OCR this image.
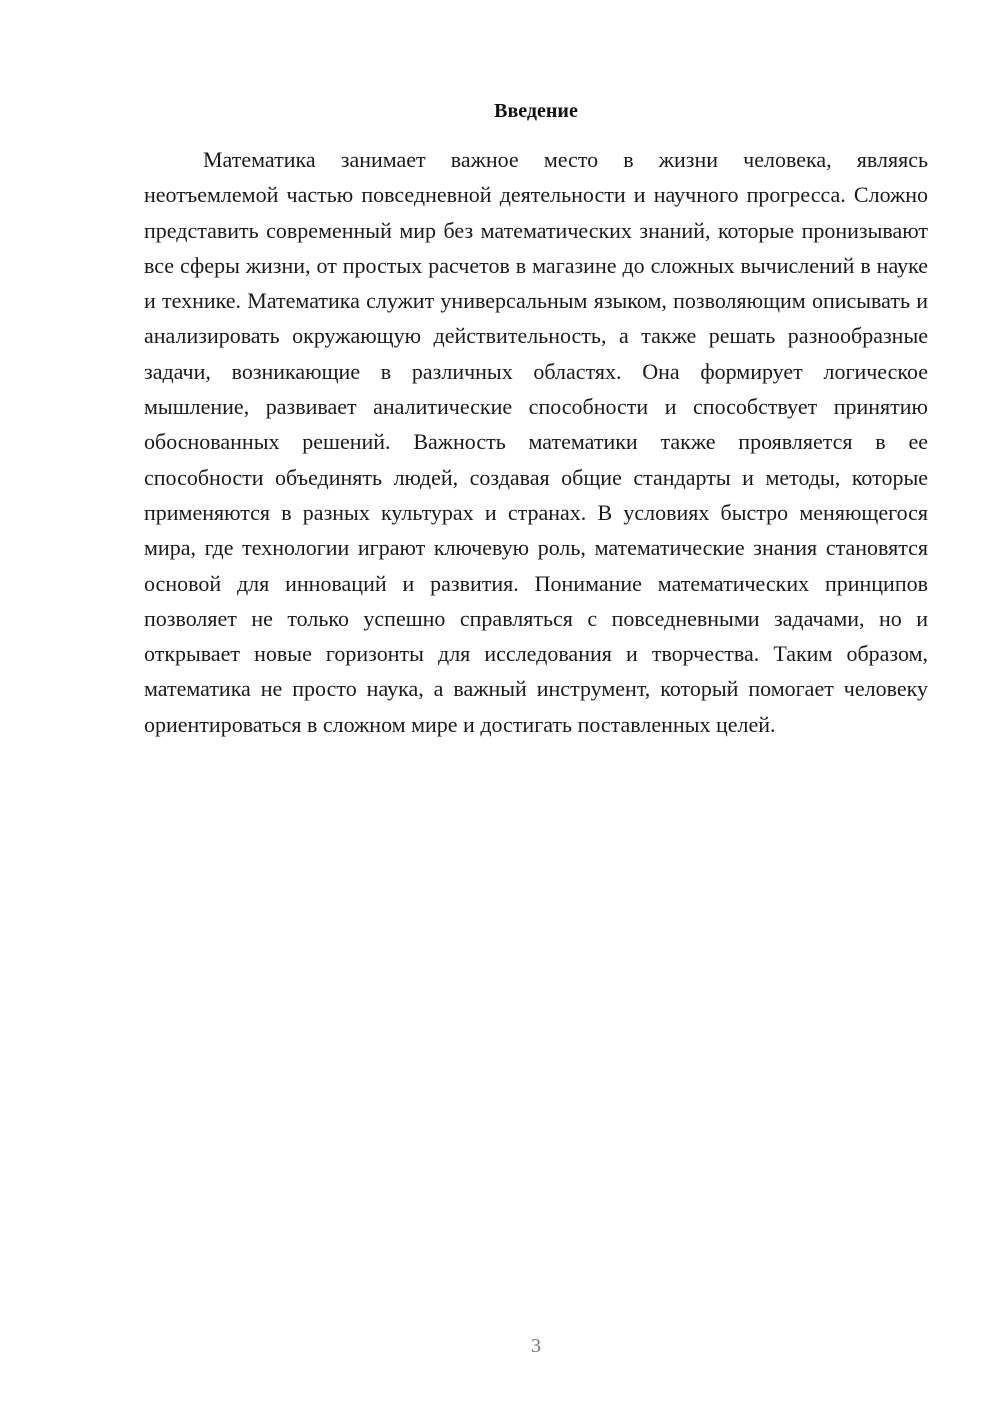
Введение

Математика занимает важное место в жизни человека, являясь неотъемлемой частью повседневной деятельности и научного прогресса. Сложно представить современный мир без математических знаний, которые пронизывают все сферы жизни, от простых расчетов в магазине до сложных вычислений в науке и технике. Математика служит универсальным языком, позволяющим описывать и анализировать окружающую действительность, а также решать разнообразные задачи, возникающие в различных областях. Она формирует логическое мышление, развивает аналитические способности и способствует принятию обоснованных решений. Важность математики также проявляется в ее способности объединять людей, создавая общие стандарты и методы, которые применяются в разных культурах и странах. В условиях быстро меняющегося мира, где технологии играют ключевую роль, математические знания становятся основой для инноваций и развития. Понимание математических принципов позволяет не только успешно справляться с повседневными задачами, но и открывает новые горизонты для исследования и творчества. Таким образом, математика не просто наука, а важный инструмент, который помогает человеку ориентироваться в сложном мире и достигать поставленных целей.

3
